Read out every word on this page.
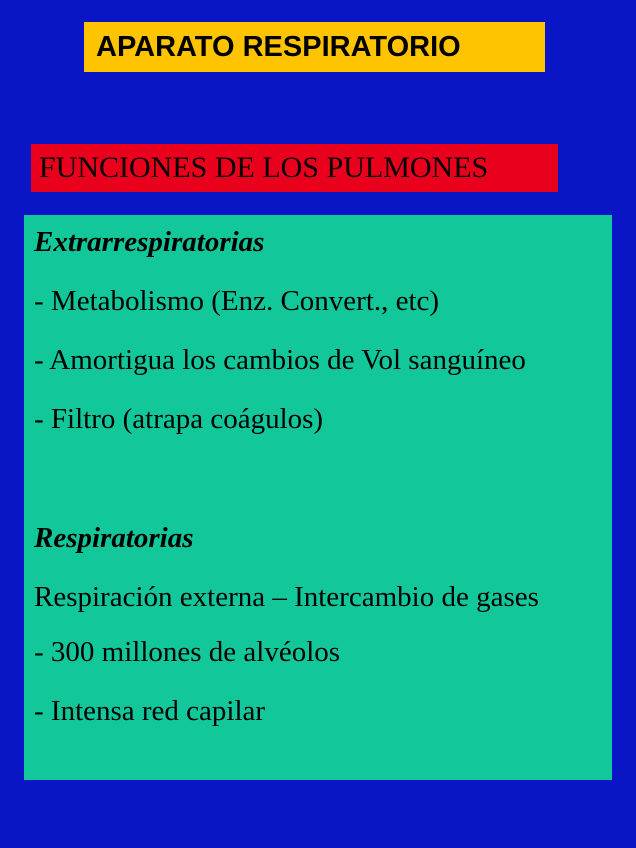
APARATO RESPIRATORIO
FUNCIONES DE LOS PULMONES
Extrarrespiratorias
- Metabolismo (Enz. Convert., etc)
- Amortigua los cambios de Vol sanguíneo
- Filtro (atrapa coágulos)
Respiratorias
Respiración externa – Intercambio de gases
- 300 millones de alvéolos
- Intensa red capilar
